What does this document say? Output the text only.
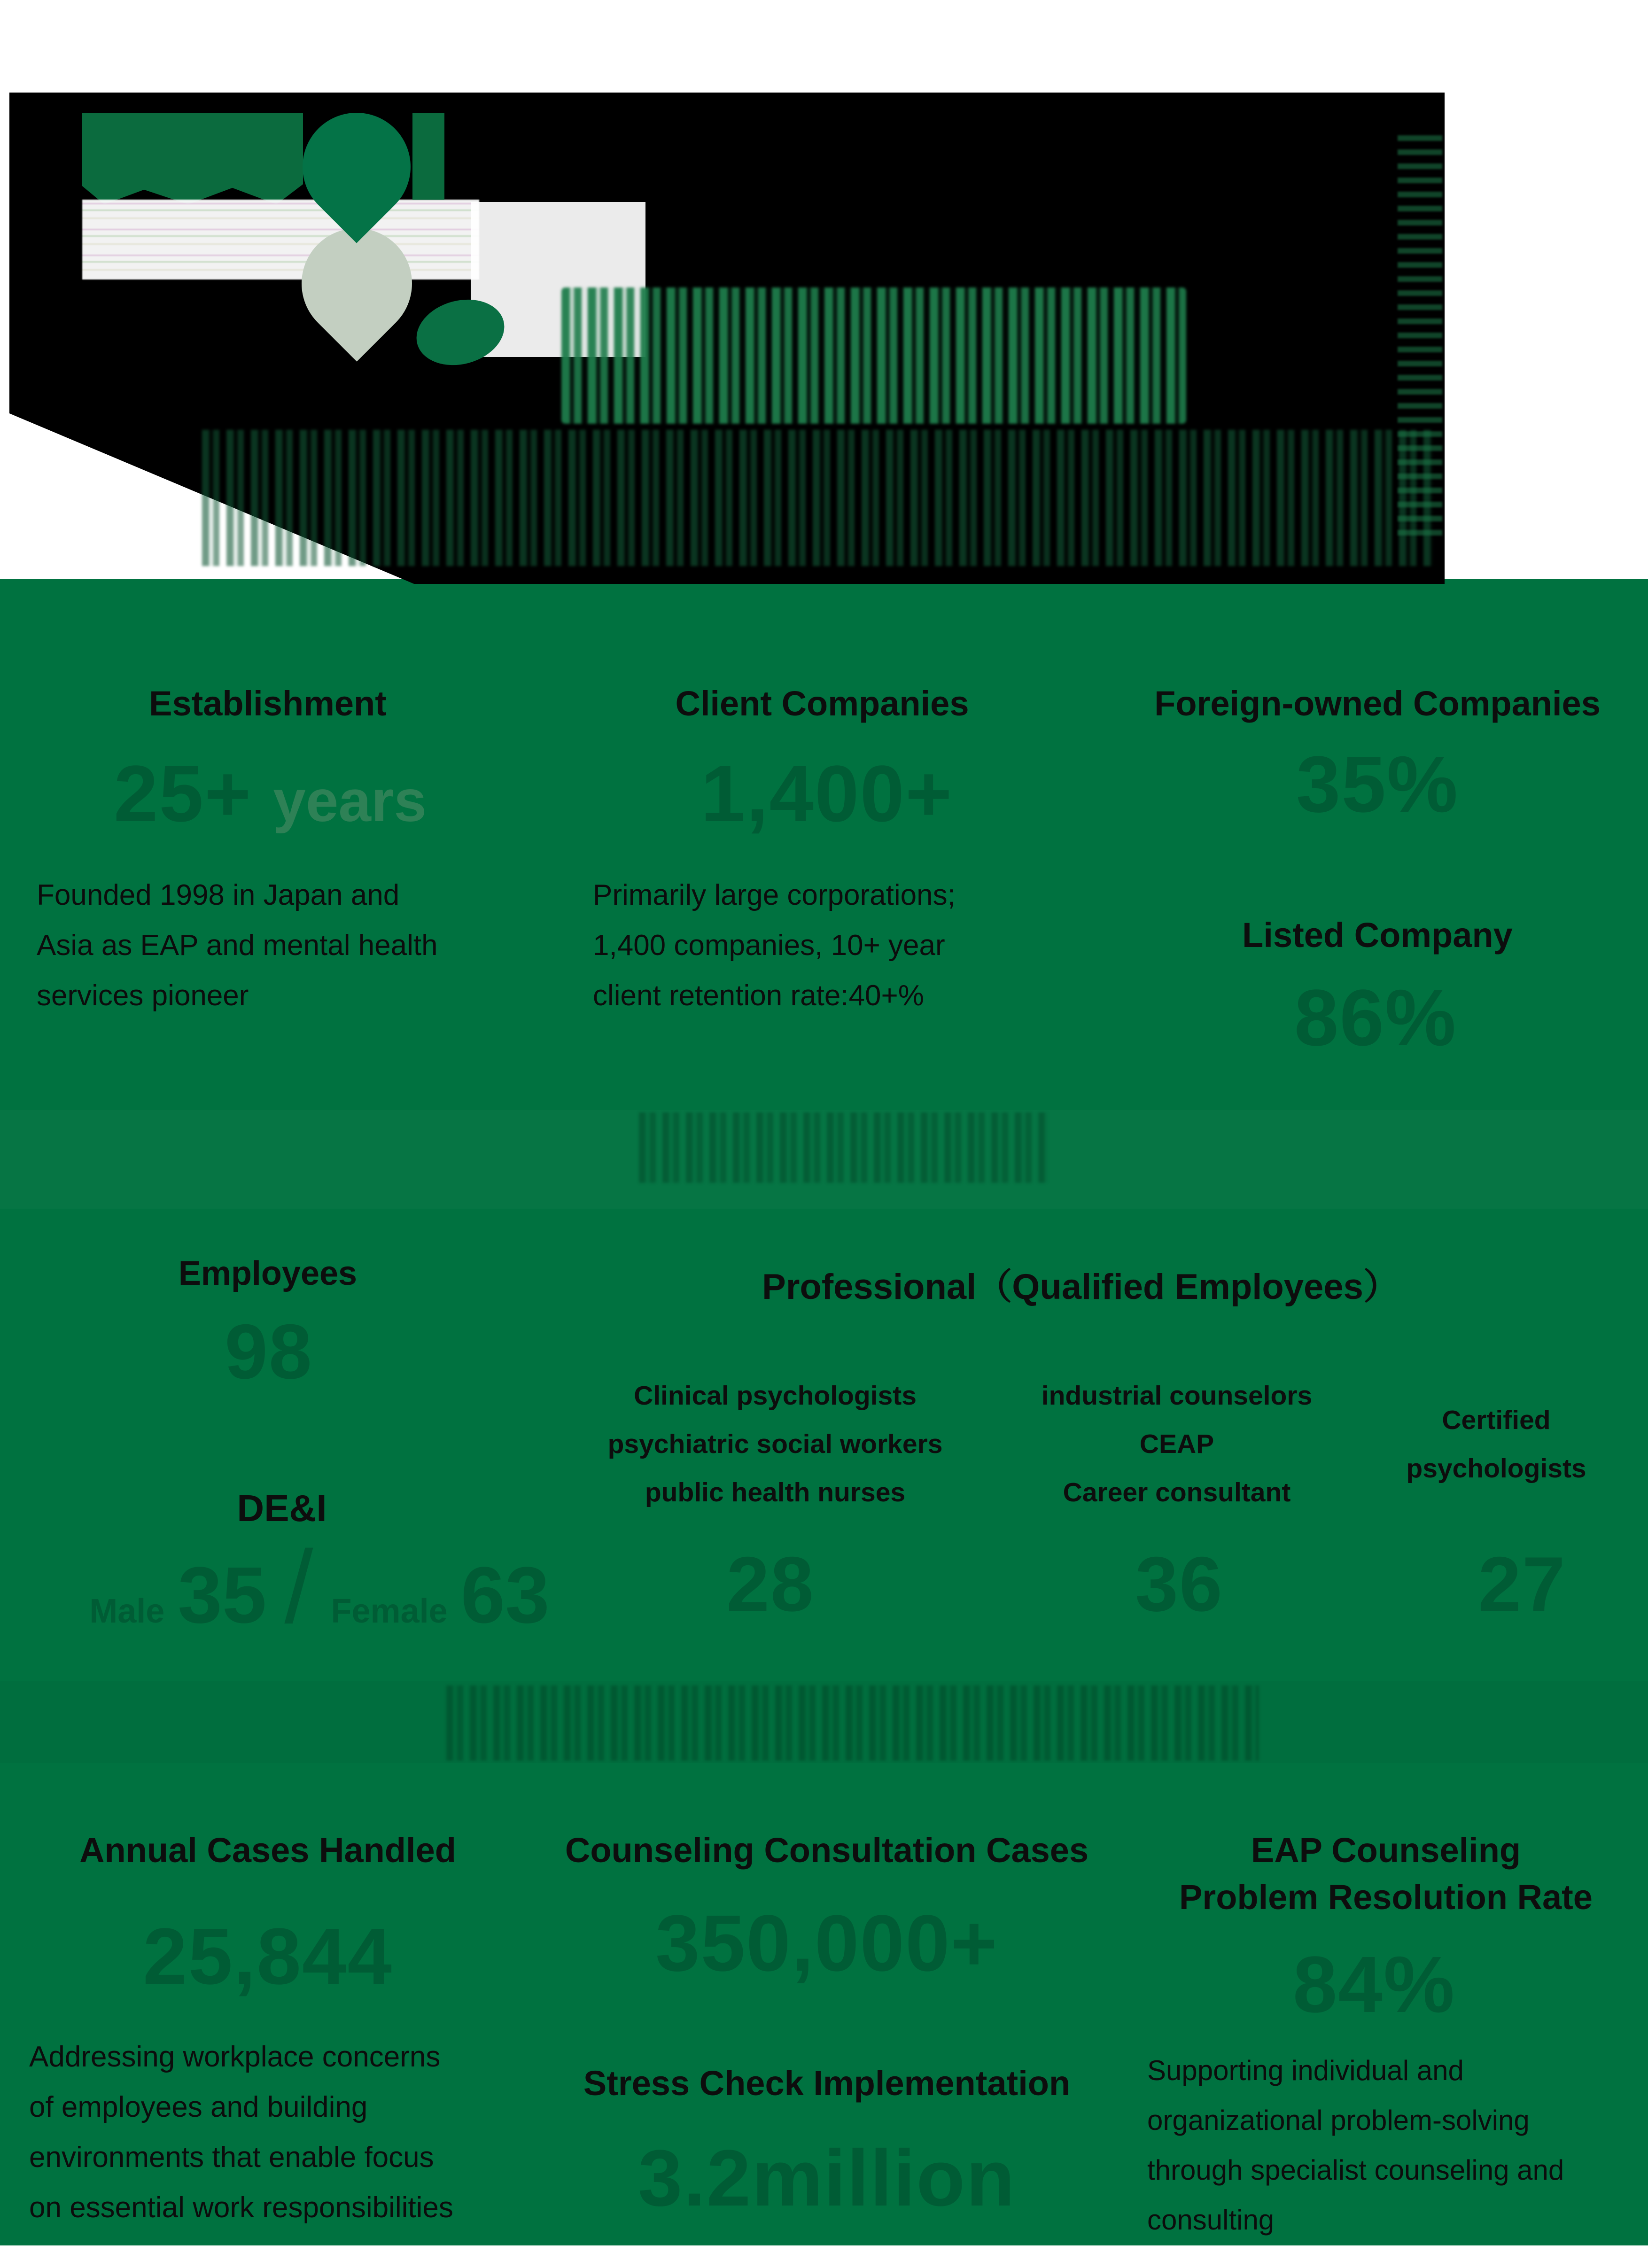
Establishment
25+ years
Founded 1998 in Japan and
Asia as EAP and mental health
services pioneer
Client Companies
1,400+
Primarily large corporations;
1,400 companies, 10+ year
client retention rate:40+%
Foreign-owned Companies
35%
Listed Company
86%
Employees
98
DE&I
Male 35 / Female 63
Professional（Qualified Employees）
Clinical psychologists
psychiatric social workers
public health nurses
industrial counselors
CEAP
Career consultant
Certified
psychologists
28	36	27
Annual Cases Handled
25,844
Addressing workplace concerns
of employees and building
environments that enable focus
on essential work responsibilities
Counseling Consultation Cases
350,000+
Stress Check Implementation
3.2million
EAP Counseling
Problem Resolution Rate
84%
Supporting individual and
organizational problem-solving
through specialist counseling and
consulting
